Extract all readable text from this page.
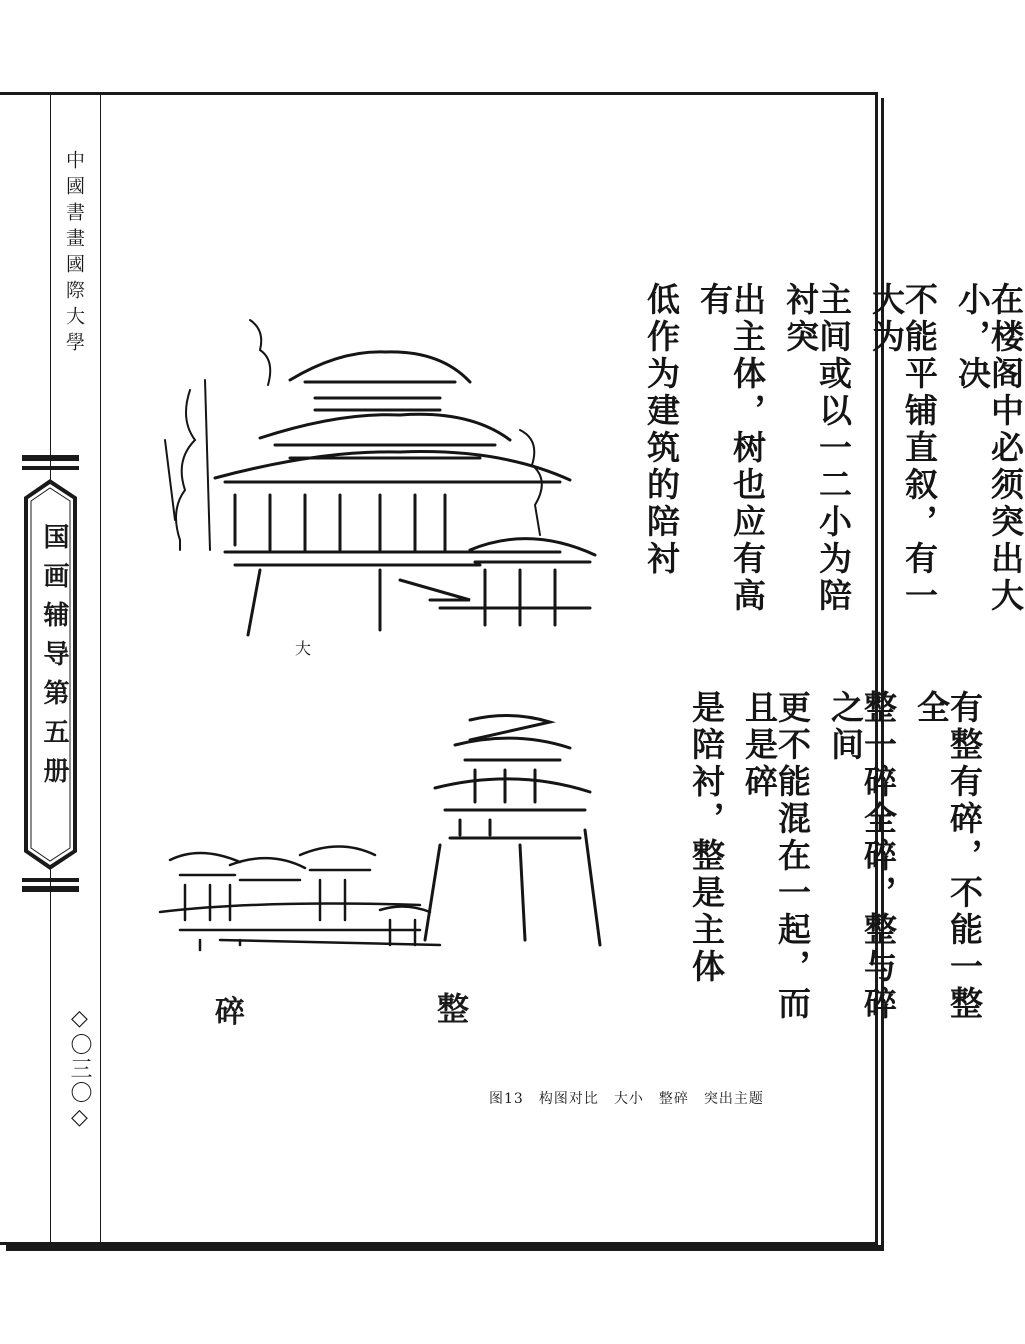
中國書畫國際大學
国画辅导第五册
◇〇三〇◇
大
碎	整
在楼阁中必须突出大小，决
不能平铺直叙，有一大为
主间或以一二小为陪衬突
出主体，树也应有高有
低作为建筑的陪衬
有整有碎，不能一整全
整一碎全碎，整与碎之间
更不能混在一起，而且是碎
是陪衬，整是主体
图13　构图对比　大小　整碎　突出主题
